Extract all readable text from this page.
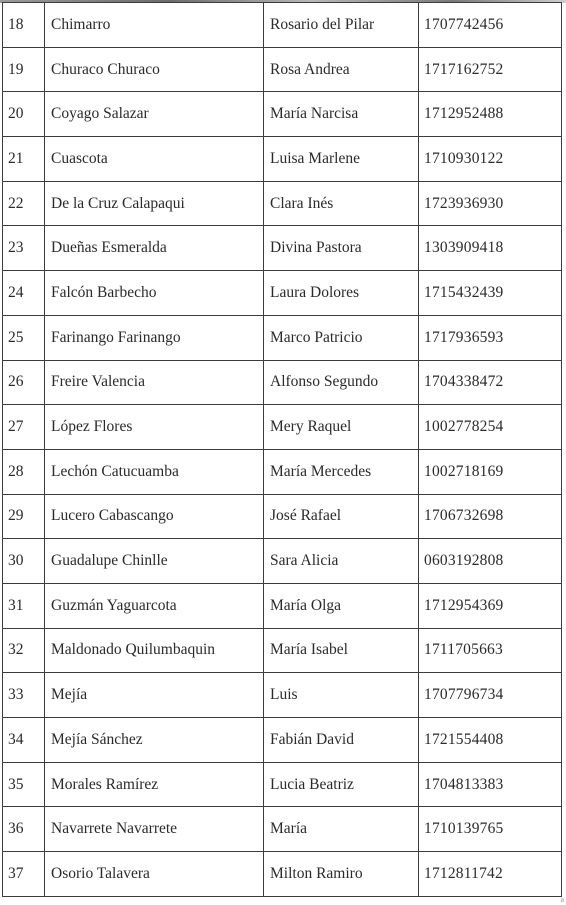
18	Chimarro	Rosario del Pilar	1707742456
19	Churaco Churaco	Rosa Andrea	1717162752
20	Coyago Salazar	María Narcisa	1712952488
21	Cuascota	Luisa Marlene	1710930122
22	De la Cruz Calapaqui	Clara Inés	1723936930
23	Dueñas Esmeralda	Divina Pastora	1303909418
24	Falcón Barbecho	Laura Dolores	1715432439
25	Farinango Farinango	Marco Patricio	1717936593
26	Freire Valencia	Alfonso Segundo	1704338472
27	López Flores	Mery Raquel	1002778254
28	Lechón Catucuamba	María Mercedes	1002718169
29	Lucero Cabascango	José Rafael	1706732698
30	Guadalupe Chinlle	Sara Alicia	0603192808
31	Guzmán Yaguarcota	María Olga	1712954369
32	Maldonado Quilumbaquin	María Isabel	1711705663
33	Mejía	Luis	1707796734
34	Mejía Sánchez	Fabián David	1721554408
35	Morales Ramírez	Lucia Beatriz	1704813383
36	Navarrete Navarrete	María	1710139765
37	Osorio Talavera	Milton Ramiro	1712811742
a
